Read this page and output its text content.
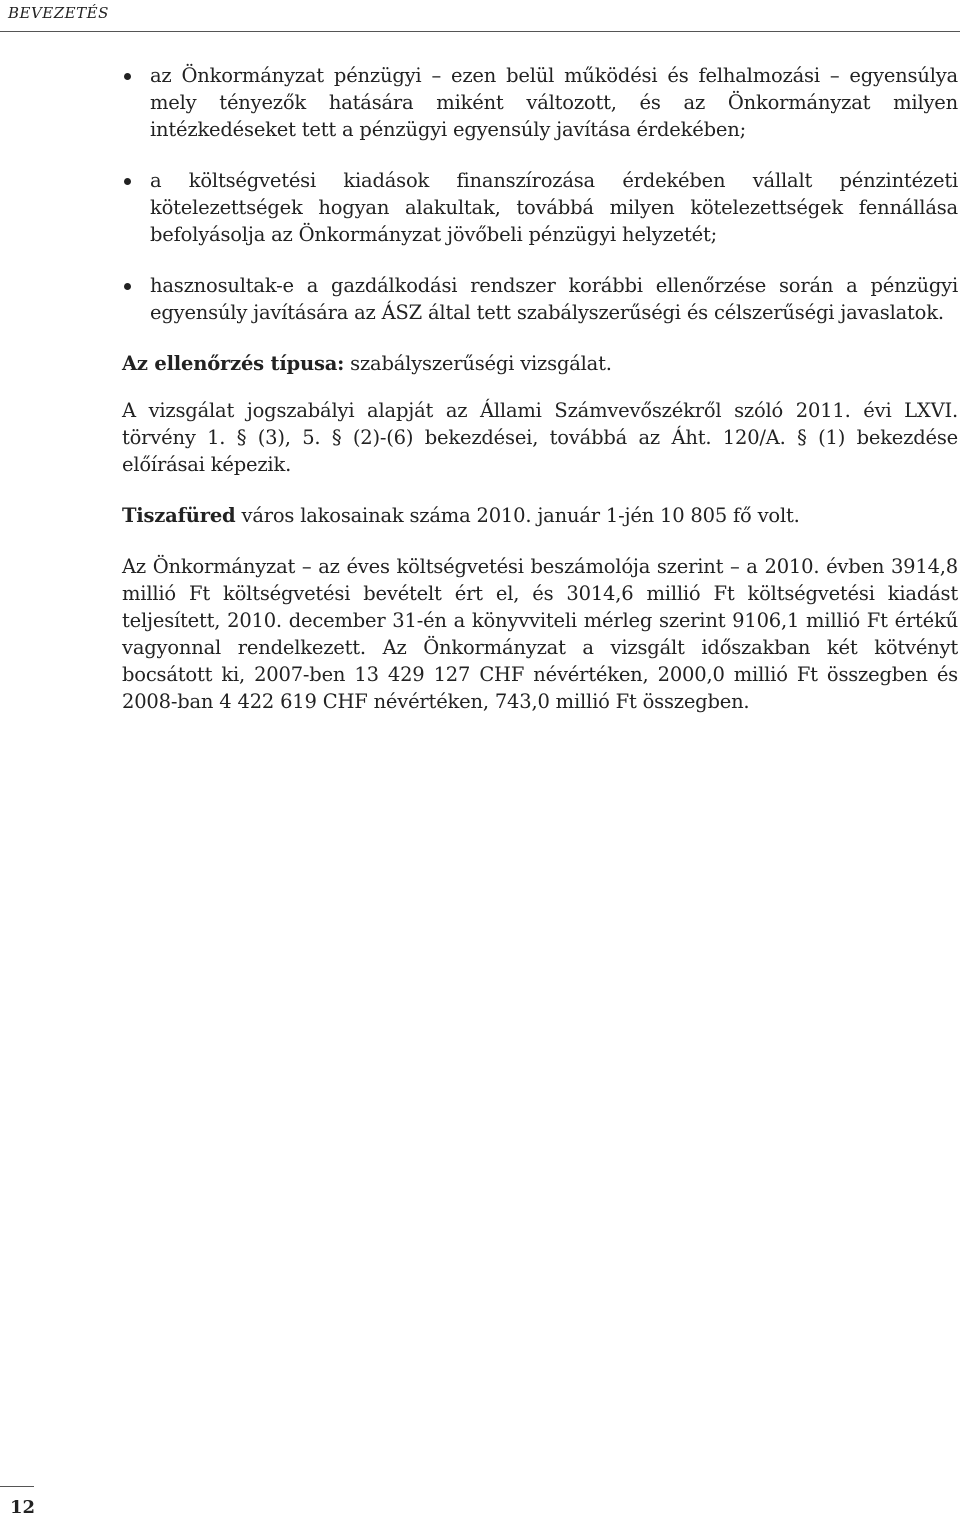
BEVEZETÉS
az Önkormányzat pénzügyi – ezen belül működési és felhalmozási – egyensúlya mely tényezők hatására miként változott, és az Önkormányzat milyen intézkedéseket tett a pénzügyi egyensúly javítása érdekében;
a költségvetési kiadások finanszírozása érdekében vállalt pénzintézeti kötelezettségek hogyan alakultak, továbbá milyen kötelezettségek fennállása befolyásolja az Önkormányzat jövőbeli pénzügyi helyzetét;
hasznosultak-e a gazdálkodási rendszer korábbi ellenőrzése során a pénzügyi egyensúly javítására az ÁSZ által tett szabályszerűségi és célszerűségi javaslatok.

Az ellenőrzés típusa: szabályszerűségi vizsgálat.

A vizsgálat jogszabályi alapját az Állami Számvevőszékről szóló 2011. évi LXVI. törvény 1. § (3), 5. § (2)-(6) bekezdései, továbbá az Áht. 120/A. § (1) bekezdése előírásai képezik.

Tiszafüred város lakosainak száma 2010. január 1-jén 10 805 fő volt.

Az Önkormányzat – az éves költségvetési beszámolója szerint – a 2010. évben 3914,8 millió Ft költségvetési bevételt ért el, és 3014,6 millió Ft költségvetési kiadást teljesített, 2010. december 31-én a könyvviteli mérleg szerint 9106,1 millió Ft értékű vagyonnal rendelkezett. Az Önkormányzat a vizsgált időszakban két kötvényt bocsátott ki, 2007-ben 13 429 127 CHF névértéken, 2000,0 millió Ft összegben és 2008-ban 4 422 619 CHF névértéken, 743,0 millió Ft összegben.

12
